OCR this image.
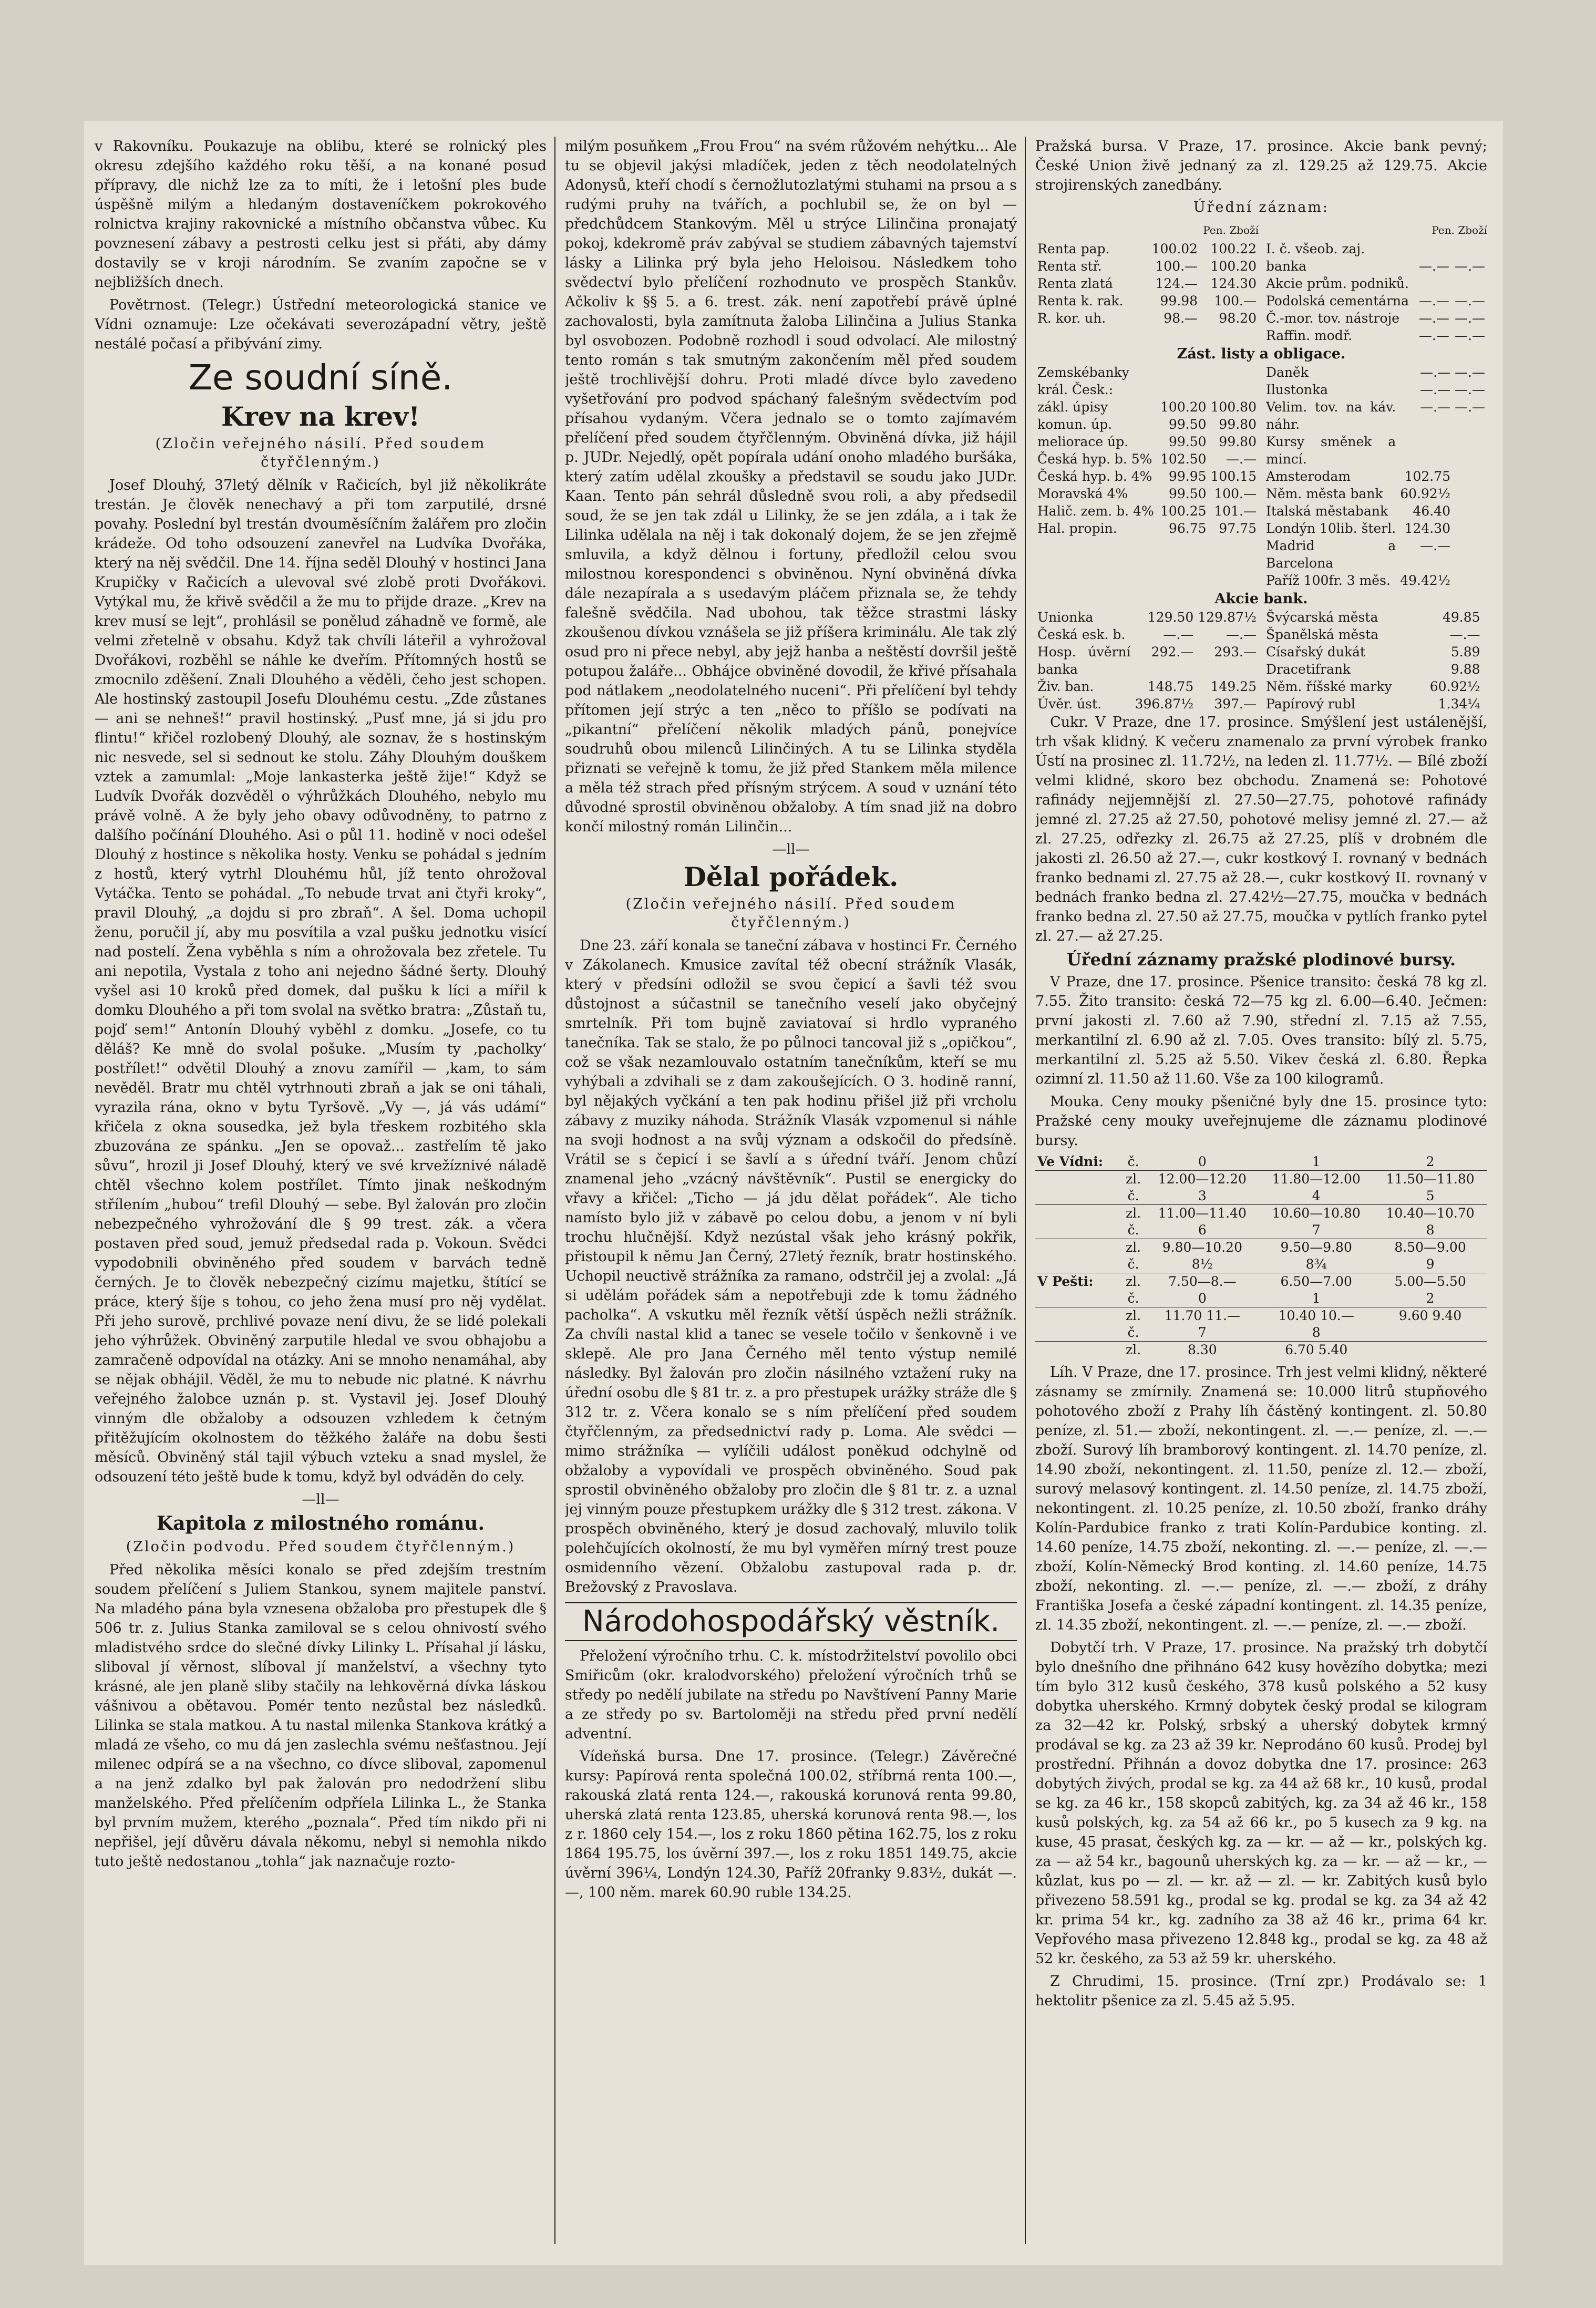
v Rakovníku. Poukazuje na oblibu, které se rolnický ples okresu zdejšího každého roku těší, a na konané posud přípravy, dle nichž lze za to míti, že i letošní ples bude úspěšně milým a hledaným dostaveníčkem pokrokového rolnictva krajiny rakovnické a místního občanstva vůbec. Ku povznesení zábavy a pestrosti celku jest si přáti, aby dámy dostavily se v kroji národním. Se zvaním započne se v nejbližších dnech.

Povětrnost. (Telegr.) Ústřední meteorologická stanice ve Vídni oznamuje: Lze očekávati severozápadní větry, ještě nestálé počasí a přibývání zimy.

Ze soudní síně.
Krev na krev!
(Zločin veřejného násilí. Před soudem čtyřčlenným.)

Josef Dlouhý, 37letý dělník v Račicích, byl již několikráte trestán. Je člověk nenechavý a při tom zarputilé, drsné povahy. Poslední byl trestán dvouměsíčním žalářem pro zločin krádeže. Od toho odsouzení zanevřel na Ludvíka Dvořáka, který na něj svědčil. Dne 14. října seděl Dlouhý v hostinci Jana Krupičky v Račicích a ulevoval své zlobě proti Dvořákovi. Vytýkal mu, že křivě svědčil a že mu to přijde draze. „Krev na krev musí se lejt“, prohlásil se ponělud záhadně ve formě, ale velmi zřetelně v obsahu. Když tak chvíli láteřil a vyhrožoval Dvořákovi, rozběhl se náhle ke dveřím. Přítomných hostů se zmocnilo zděšení. Znali Dlouhého a věděli, čeho jest schopen. Ale hostinský zastoupil Josefu Dlouhému cestu. „Zde zůstanes — ani se nehneš!“ pravil hostinský. „Pusť mne, já si jdu pro flintu!“ křičel rozlobený Dlouhý, ale soznav, že s hostinským nic nesvede, sel si sednout ke stolu. Záhy Dlouhým douškem vztek a zamumlal: „Moje lankasterka ještě žije!“ Když se Ludvík Dvořák dozvěděl o výhrůžkách Dlouhého, nebylo mu právě volně. A že byly jeho obavy odůvodněny, to patrno z dalšího počínání Dlouhého. Asi o půl 11. hodině v noci odešel Dlouhý z hostince s několika hosty. Venku se pohádal s jedním z hostů, který vytrhl Dlouhému hůl, jíž tento ohrožoval Vytáčka. Tento se pohádal. „To nebude trvat ani čtyři kroky“, pravil Dlouhý, „a dojdu si pro zbraň“. A šel. Doma uchopil ženu, poručil jí, aby mu posvítila a vzal pušku jednotku visící nad postelí. Žena vyběhla s ním a ohrožovala bez zřetele. Tu ani nepotila, Vystala z toho ani nejedno šádné šerty. Dlouhý vyšel asi 10 kroků před domek, dal pušku k líci a mířil k domku Dlouhého a při tom svolal na světko bratra: „Zůstaň tu, pojď sem!“ Antonín Dlouhý vyběhl z domku. „Josefe, co tu děláš? Ke mně do svolal pošuke. „Musím ty ‚pacholky‘ postřílet!“ odvětil Dlouhý a znovu zamířil — ‚kam, to sám nevěděl. Bratr mu chtěl vytrhnouti zbraň a jak se oni táhali, vyrazila rána, okno v bytu Tyršově. „Vy —, já vás udámí“ křičela z okna sousedka, jež byla třeskem rozbitého skla zbuzována ze spánku. „Jen se opovaž... zastřelím tě jako sůvu“, hrozil ji Josef Dlouhý, který ve své krvežíznivé náladě chtěl všechno kolem postřílet. Tímto jinak neškodným střílením „hubou“ trefil Dlouhý — sebe. Byl žalován pro zločin nebezpečného vyhrožování dle § 99 trest. zák. a včera postaven před soud, jemuž předsedal rada p. Vokoun. Svědci vypodobnili obviněného před soudem v barvách tedně černých. Je to člověk nebezpečný cizímu majetku, štítící se práce, který šíje s tohou, co jeho žena musí pro něj vydělat. Při jeho surově, prchlivé povaze není divu, že se lidé polekali jeho výhrůžek. Obviněný zarputile hledal ve svou obhajobu a zamračeně odpovídal na otázky. Ani se mnoho nenamáhal, aby se nějak obhájil. Věděl, že mu to nebude nic platné. K návrhu veřejného žalobce uznán p. st. Vystavil jej. Josef Dlouhý vinným dle obžaloby a odsouzen vzhledem k četným přitěžujícím okolnostem do těžkého žaláře na dobu šesti měsíců. Obviněný stál tajil výbuch vzteku a snad myslel, že odsouzení této ještě bude k tomu, když byl odváděn do cely.

—ll—
Kapitola z milostného románu.
(Zločin podvodu. Před soudem čtyřčlenným.)

Před několika měsíci konalo se před zdejším trestním soudem přelíčení s Juliem Stankou, synem majitele panství. Na mladého pána byla vznesena obžaloba pro přestupek dle § 506 tr. z. Julius Stanka zamiloval se s celou ohnivostí svého mladistvého srdce do slečné dívky Lilinky L. Přísahal jí lásku, sliboval jí věrnost, slíboval jí manželství, a všechny tyto krásné, ale jen planě sliby stačily na lehkověrná dívka láskou vášnivou a obětavou. Pomér tento nezůstal bez následků. Lilinka se stala matkou. A tu nastal milenka Stankova krátký a mladá ze všeho, co mu dá jen zaslechla svému nešťastnou. Její milenec odpírá se a na všechno, co dívce sliboval, zapomenul a na jenž zdalko byl pak žalován pro nedodržení slibu manželského. Před přelíčením odpříela Lilinka L., že Stanka byl prvním mužem, kterého „poznala“. Před tím nikdo při ni nepřišel, její důvěru dávala někomu, nebyl si nemohla nikdo tuto ještě nedostanou „tohla“ jak naznačuje rozto-

milým posuňkem „Frou Frou“ na svém růžovém nehýtku... Ale tu se objevil jakýsi mladíček, jeden z těch neodolatelných Adonysů, kteří chodí s černožlutozlatými stuhami na prsou a s rudými pruhy na tvářích, a pochlubil se, že on byl — předchůdcem Stankovým. Měl u strýce Lilinčina pronajatý pokoj, kdekromě práv zabýval se studiem zábavných tajemství lásky a Lilinka prý byla jeho Heloisou. Následkem toho svědectví bylo přelíčení rozhodnuto ve prospěch Stankův. Ačkoliv k §§ 5. a 6. trest. zák. není zapotřebí právě úplné zachovalosti, byla zamítnuta žaloba Lilinčina a Julius Stanka byl osvobozen. Podobně rozhodl i soud odvolací. Ale milostný tento román s tak smutným zakončením měl před soudem ještě trochlivější dohru. Proti mladé dívce bylo zavedeno vyšetřování pro podvod spáchaný falešným svědectvím pod přísahou vydaným. Včera jednalo se o tomto zajímavém přelíčení před soudem čtyřčlenným. Obviněná dívka, již hájil p. JUDr. Nejedlý, opět popírala udání onoho mladého buršáka, který zatím udělal zkoušky a představil se soudu jako JUDr. Kaan. Tento pán sehrál důsledně svou roli, a aby předsedil soud, že se jen tak zdál u Lilinky, že se jen zdála, a i tak že Lilinka udělala na něj i tak dokonalý dojem, že se jen zřejmě smluvila, a když dělnou i fortuny, předložil celou svou milostnou korespondenci s obviněnou. Nyní obviněná dívka dále nezapírala a s usedavým pláčem přiznala se, že tehdy falešně svědčila. Nad ubohou, tak těžce strastmi lásky zkoušenou dívkou vznášela se již příšera kriminálu. Ale tak zlý osud pro ni přece nebyl, aby jejž hanba a neštěstí dovršil ještě potupou žaláře... Obhájce obviněné dovodil, že křivé přísahala pod nátlakem „neodolatelného nuceni“. Při přelíčení byl tehdy přítomen její strýc a ten „něco to příšlo se podívati na „pikantní“ přelíčení několik mladých pánů, ponejvíce soudruhů obou milenců Lilinčiných. A tu se Lilinka styděla přiznati se veřejně k tomu, že již před Stankem měla milence a měla též strach před přísným strýcem. A soud v uznání této důvodné sprostil obviněnou obžaloby. A tím snad již na dobro končí milostný román Lilinčin...

—ll—
Dělal pořádek.
(Zločin veřejného násilí. Před soudem čtyřčlenným.)

Dne 23. září konala se taneční zábava v hostinci Fr. Černého v Zákolanech. Kmusice zavítal též obecní strážník Vlasák, který v předsíni odložil se svou čepicí a šavli též svou důstojnost a súčastnil se tanečního veselí jako obyčejný smrtelník. Při tom bujně zaviatovaí si hrdlo vypraného tanečníka. Tak se stalo, že po půlnoci tancoval již s „opičkou“, což se však nezamlouvalo ostatním tanečníkům, kteří se mu vyhýbali a zdvihali se z dam zakoušejících. O 3. hodině ranní, byl nějakých vyčkání a ten pak hodinu přišel již při vrcholu zábavy z muziky náhoda. Strážník Vlasák vzpomenul si náhle na svoji hodnost a na svůj význam a odskočil do předsíně. Vrátil se s čepicí i se šavlí a s úřední tváří. Jenom chůzí znamenal jeho „vzácný návštěvník“. Pustil se energicky do vřavy a křičel: „Ticho — já jdu dělat pořádek“. Ale ticho namísto bylo již v zábavě po celou dobu, a jenom v ní byli trochu hlučnější. Když nezústal však jeho krásný pokřik, přistoupil k němu Jan Černý, 27letý řezník, bratr hostinského. Uchopil neuctivě strážníka za ramano, odstrčil jej a zvolal: „Já si udělám pořádek sám a nepotřebuji zde k tomu žádného pacholka“. A vskutku měl řezník větší úspěch nežli strážník. Za chvíli nastal klid a tanec se vesele točilo v šenkovně i ve sklepě. Ale pro Jana Černého měl tento výstup nemilé následky. Byl žalován pro zločin násilného vztažení ruky na úřední osobu dle § 81 tr. z. a pro přestupek urážky stráže dle § 312 tr. z. Včera konalo se s ním přelíčení před soudem čtyřčlenným, za předsednictví rady p. Loma. Ale svědci — mimo strážníka — vylíčili událost poněkud odchylně od obžaloby a vypovídali ve prospěch obviněného. Soud pak sprostil obviněného obžaloby pro zločin dle § 81 tr. z. a uznal jej vinným pouze přestupkem urážky dle § 312 trest. zákona. V prospěch obviněného, který je dosud zachovalý, mluvilo tolik polehčujících okolností, že mu byl vyměřen mírný trest pouze osmidenního vězení. Obžalobu zastupoval rada p. dr. Brežovský z Pravoslava.

Národohospodářský věstník.

Přeložení výročního trhu. C. k. místodržitelství povolilo obci Smiřicům (okr. kralodvorského) přeložení výročních trhů se středy po nedělí jubilate na středu po Navštívení Panny Marie a ze středy po sv. Bartoloměji na středu před první nedělí adventní.

Vídeňská bursa. Dne 17. prosince. (Telegr.) Závěrečné kursy: Papírová renta společná 100.02, stříbrná renta 100.—, rakouská zlatá renta 124.—, rakouská korunová renta 99.80, uherská zlatá renta 123.85, uherská korunová renta 98.—, los z r. 1860 cely 154.—, los z roku 1860 pětina 162.75, los z roku 1864 195.75, los úvěrní 397.—, los z roku 1851 149.75, akcie úvěrní 396¼, Londýn 124.30, Paříž 20franky 9.83½, dukát —.—, 100 něm. marek 60.90 ruble 134.25.

Pražská bursa. V Praze, 17. prosince. Akcie bank pevný; České Union živě jednaný za zl. 129.25 až 129.75. Akcie strojirenských zanedbány.

Úřední záznam:
Pen. Zboží
Renta pap.	100.02	100.22
Renta stř.	100.—	100.20
Renta zlatá	124.—	124.30
Renta k. rak.	99.98	100.—
R. kor. uh.	98.—	98.20
Pen. Zboží
I. č. všeob. zaj.		
banka	—.—	—.—
Akcie prům. podniků.		
Podolská cementárna	—.—	—.—
Č.-mor. tov. nástroje	—.—	—.—
Raffin. modř.	—.—	—.—
Zást. listy a obligace.
Zemskébanky král. Česk.:		
zákl. úpisy	100.20	100.80
komun. úp.	99.50	99.80
meliorace úp.	99.50	99.80
Česká hyp. b. 5%	102.50	—.—
Česká hyp. b. 4%	99.95	100.15
Moravská 4%	99.50	100.—
Halič. zem. b. 4%	100.25	101.—
Hal. propin.	96.75	97.75
Daněk	—.—	—.—
Ilustonka	—.—	—.—
Velim. tov. na káv. náhr.	—.—	—.—
Kursy směnek a mincí.		
Amsterodam	102.75	
Něm. města bank	60.92½	
Italská městabank	46.40	
Londýn 10lib. šterl.	124.30	
Madrid a Barcelona	—.—	
Paříž 100fr. 3 měs.	49.42½	
Akcie bank.
Unionka	129.50	129.87½
Česká esk. b.	—.—	—.—
Hosp. úvěrní banka	292.—	293.—
Živ. ban.	148.75	149.25
Úvěr. úst.	396.87½	397.—
Švýcarská města	49.85	
Španělská města	—.—	
Císařský dukát	5.89	
Dracetifrank	9.88	
Něm. říšské marky	60.92½	
Papírový rubl	1.34¼	

Cukr. V Praze, dne 17. prosince. Smýšlení jest ustálenější, trh však klidný. K večeru znamenalo za první výrobek franko Ústí na prosinec zl. 11.72½, na leden zl. 11.77½. — Bílé zboží velmi klidné, skoro bez obchodu. Znamená se: Pohotové rafinády nejjemnější zl. 27.50—27.75, pohotové rafinády jemné zl. 27.25 až 27.50, pohotové melisy jemné zl. 27.— až zl. 27.25, odřezky zl. 26.75 až 27.25, plíš v drobném dle jakosti zl. 26.50 až 27.—, cukr kostkový I. rovnaný v bednách franko bednami zl. 27.75 až 28.—, cukr kostkový II. rovnaný v bednách franko bedna zl. 27.42½—27.75, moučka v bednách franko bedna zl. 27.50 až 27.75, moučka v pytlích franko pytel zl. 27.— až 27.25.

Úřední záznamy pražské plodinové bursy.

V Praze, dne 17. prosince. Pšenice transito: česká 78 kg zl. 7.55. Žito transito: česká 72—75 kg zl. 6.00—6.40. Ječmen: první jakosti zl. 7.60 až 7.90, střední zl. 7.15 až 7.55, merkantilní zl. 6.90 až zl. 7.05. Oves transito: bílý zl. 5.75, merkantilní zl. 5.25 až 5.50. Vikev česká zl. 6.80. Řepka ozimní zl. 11.50 až 11.60. Vše za 100 kilogramů.

Mouka. Ceny mouky pšeničné byly dne 15. prosince tyto: Pražské ceny mouky uveřejnujeme dle záznamu plodinové bursy.

Ve Vídni:	č.	0	1	2
	zl.	12.00—12.20	11.80—12.00	11.50—11.80
	č.	3	4	5
	zl.	11.00—11.40	10.60—10.80	10.40—10.70
	č.	6	7	8
	zl.	9.80—10.20	9.50—9.80	8.50—9.00
	č.	8½	8¾	9
V Pešti:	zl.	7.50—8.—	6.50—7.00	5.00—5.50
	č.	0	1	2
	zl.	11.70 11.—	10.40 10.—	9.60 9.40
	č.	7	8	
	zl.	8.30	6.70 5.40	

Líh. V Praze, dne 17. prosince. Trh jest velmi klidný, některé zásnamy se zmírnily. Znamená se: 10.000 litrů stupňového pohotového zboží z Prahy líh částěný kontingent. zl. 50.80 peníze, zl. 51.— zboží, nekontingent. zl. —.— peníze, zl. —.— zboží. Surový líh bramborový kontingent. zl. 14.70 peníze, zl. 14.90 zboží, nekontingent. zl. 11.50, peníze zl. 12.— zboží, surový melasový kontingent. zl. 14.50 peníze, zl. 14.75 zboží, nekontingent. zl. 10.25 peníze, zl. 10.50 zboží, franko dráhy Kolín-Pardubice franko z trati Kolín-Pardubice konting. zl. 14.60 peníze, 14.75 zboží, nekonting. zl. —.— peníze, zl. —.— zboží, Kolín-Německý Brod konting. zl. 14.60 peníze, 14.75 zboží, nekonting. zl. —.— peníze, zl. —.— zboží, z dráhy Františka Josefa a české západní kontingent. zl. 14.35 peníze, zl. 14.35 zboží, nekontingent. zl. —.— peníze, zl. —.— zboží.

Dobytčí trh. V Praze, 17. prosince. Na pražský trh dobytčí bylo dnešního dne přihnáno 642 kusy hovězího dobytka; mezi tím bylo 312 kusů českého, 378 kusů polského a 52 kusy dobytka uherského. Krmný dobytek český prodal se kilogram za 32—42 kr. Polský, srbský a uherský dobytek krmný prodával se kg. za 23 až 39 kr. Neprodáno 60 kusů. Prodej byl prostřední. Přihnán a dovoz dobytka dne 17. prosince: 263 dobytých živých, prodal se kg. za 44 až 68 kr., 10 kusů, prodal se kg. za 46 kr., 158 skopců zabitých, kg. za 34 až 46 kr., 158 kusů polských, kg. za 54 až 66 kr., po 5 kusech za 9 kg. na kuse, 45 prasat, českých kg. za — kr. — až — kr., polských kg. za — až 54 kr., bagounů uherských kg. za — kr. — až — kr., — kůzlat, kus po — zl. — kr. až — zl. — kr. Zabitých kusů bylo přivezeno 58.591 kg., prodal se kg. prodal se kg. za 34 až 42 kr. prima 54 kr., kg. zadního za 38 až 46 kr., prima 64 kr. Vepřového masa přivezeno 12.848 kg., prodal se kg. za 48 až 52 kr. českého, za 53 až 59 kr. uherského.

Z Chrudimi, 15. prosince. (Trní zpr.) Prodávalo se: 1 hektolitr pšenice za zl. 5.45 až 5.95.
